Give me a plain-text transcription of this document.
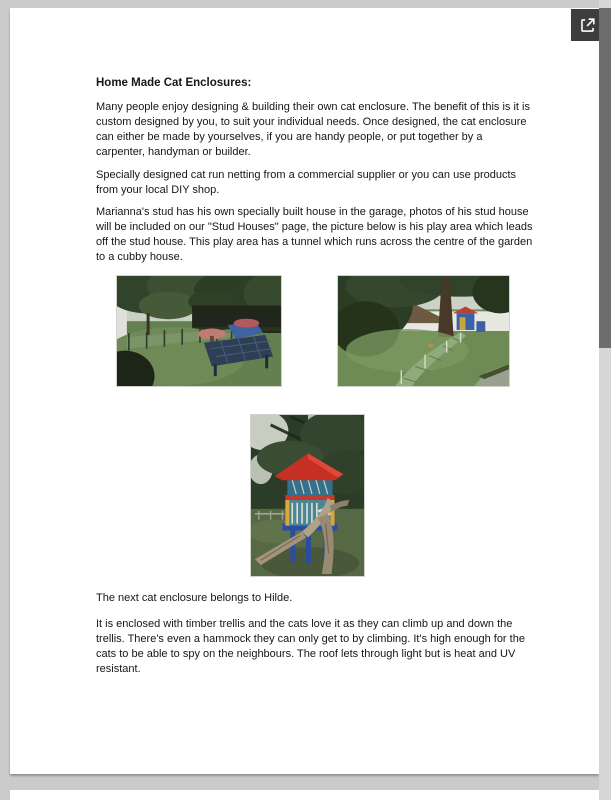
Home Made Cat Enclosures:

Many people enjoy designing & building their own cat enclosure. The benefit of this is it is custom designed by you, to suit your individual needs. Once designed, the cat enclosure can either be made by yourselves, if you are handy people, or put together by a carpenter, handyman or builder.

Specially designed cat run netting from a commercial supplier or you can use products from your local DIY shop.

Marianna's stud has his own specially built house in the garage, photos of his stud house will be included on our "Stud Houses" page, the picture below is his play area which leads off the stud house. This play area has a tunnel which runs across the centre of the garden to a cubby house.

The next cat enclosure belongs to Hilde.

It is enclosed with timber trellis and the cats love it as they can climb up and down the trellis. There's even a hammock they can only get to by climbing. It's high enough for the cats to be able to spy on the neighbours. The roof lets through light but is heat and UV resistant.
